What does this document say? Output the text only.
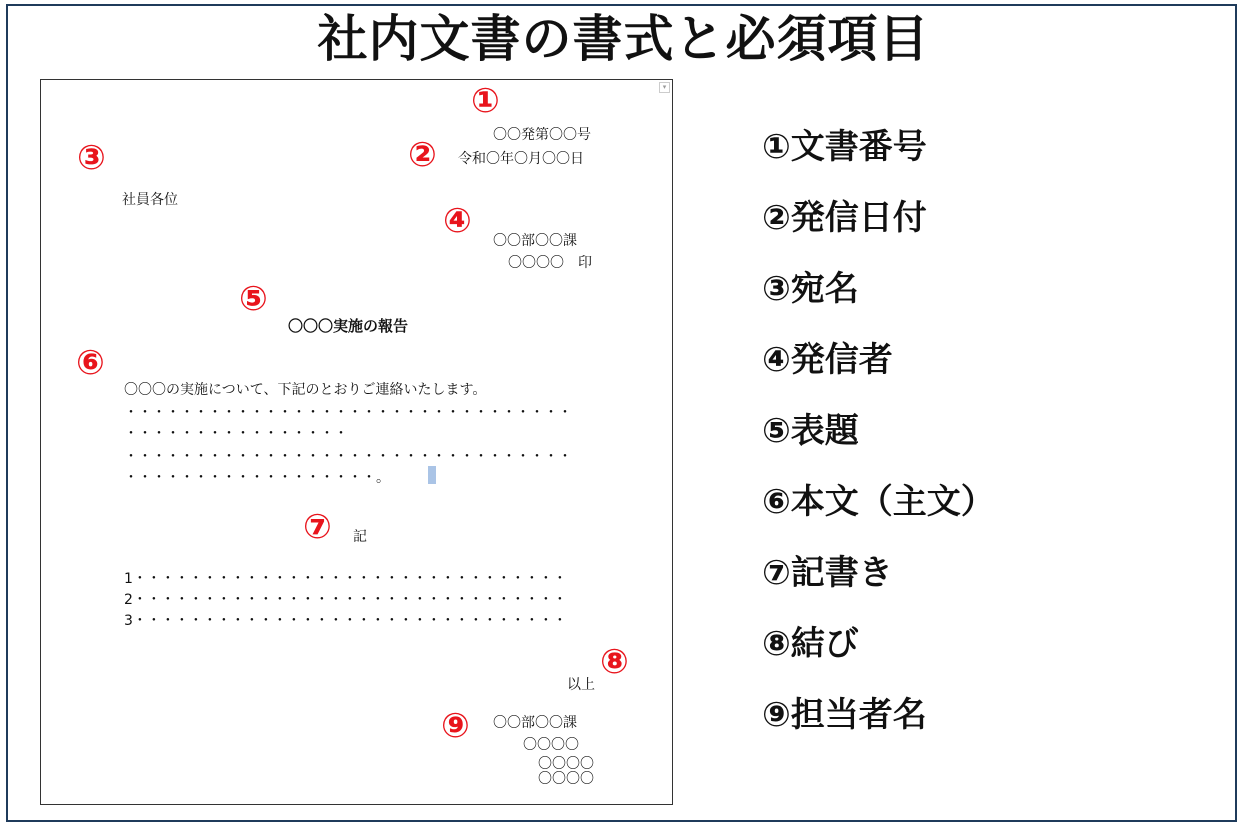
社内文書の書式と必須項目
▾
①
〇〇発第〇〇号
② 令和〇年〇月〇〇日
③
社員各位
④ 〇〇部〇〇課
〇〇〇〇　印
⑤
〇〇〇実施の報告
⑥
〇〇〇の実施について、下記のとおりご連絡いたします。
・・・・・・・・・・・・・・・・・・・・・・・・・・・・・・・・
・・・・・・・・・・・・・・・・
・・・・・・・・・・・・・・・・・・・・・・・・・・・・・・・・
・・・・・・・・・・・・・・・・・・。
⑦ 記
1・・・・・・・・・・・・・・・・・・・・・・・・・・・・・・・
2・・・・・・・・・・・・・・・・・・・・・・・・・・・・・・・
3・・・・・・・・・・・・・・・・・・・・・・・・・・・・・・・
以上
⑧
⑨ 〇〇部〇〇課
〇〇〇〇
〇〇〇〇
〇〇〇〇
①文書番号
②発信日付
③宛名
④発信者
⑤表題
⑥本文（主文）
⑦記書き
⑧結び
⑨担当者名
